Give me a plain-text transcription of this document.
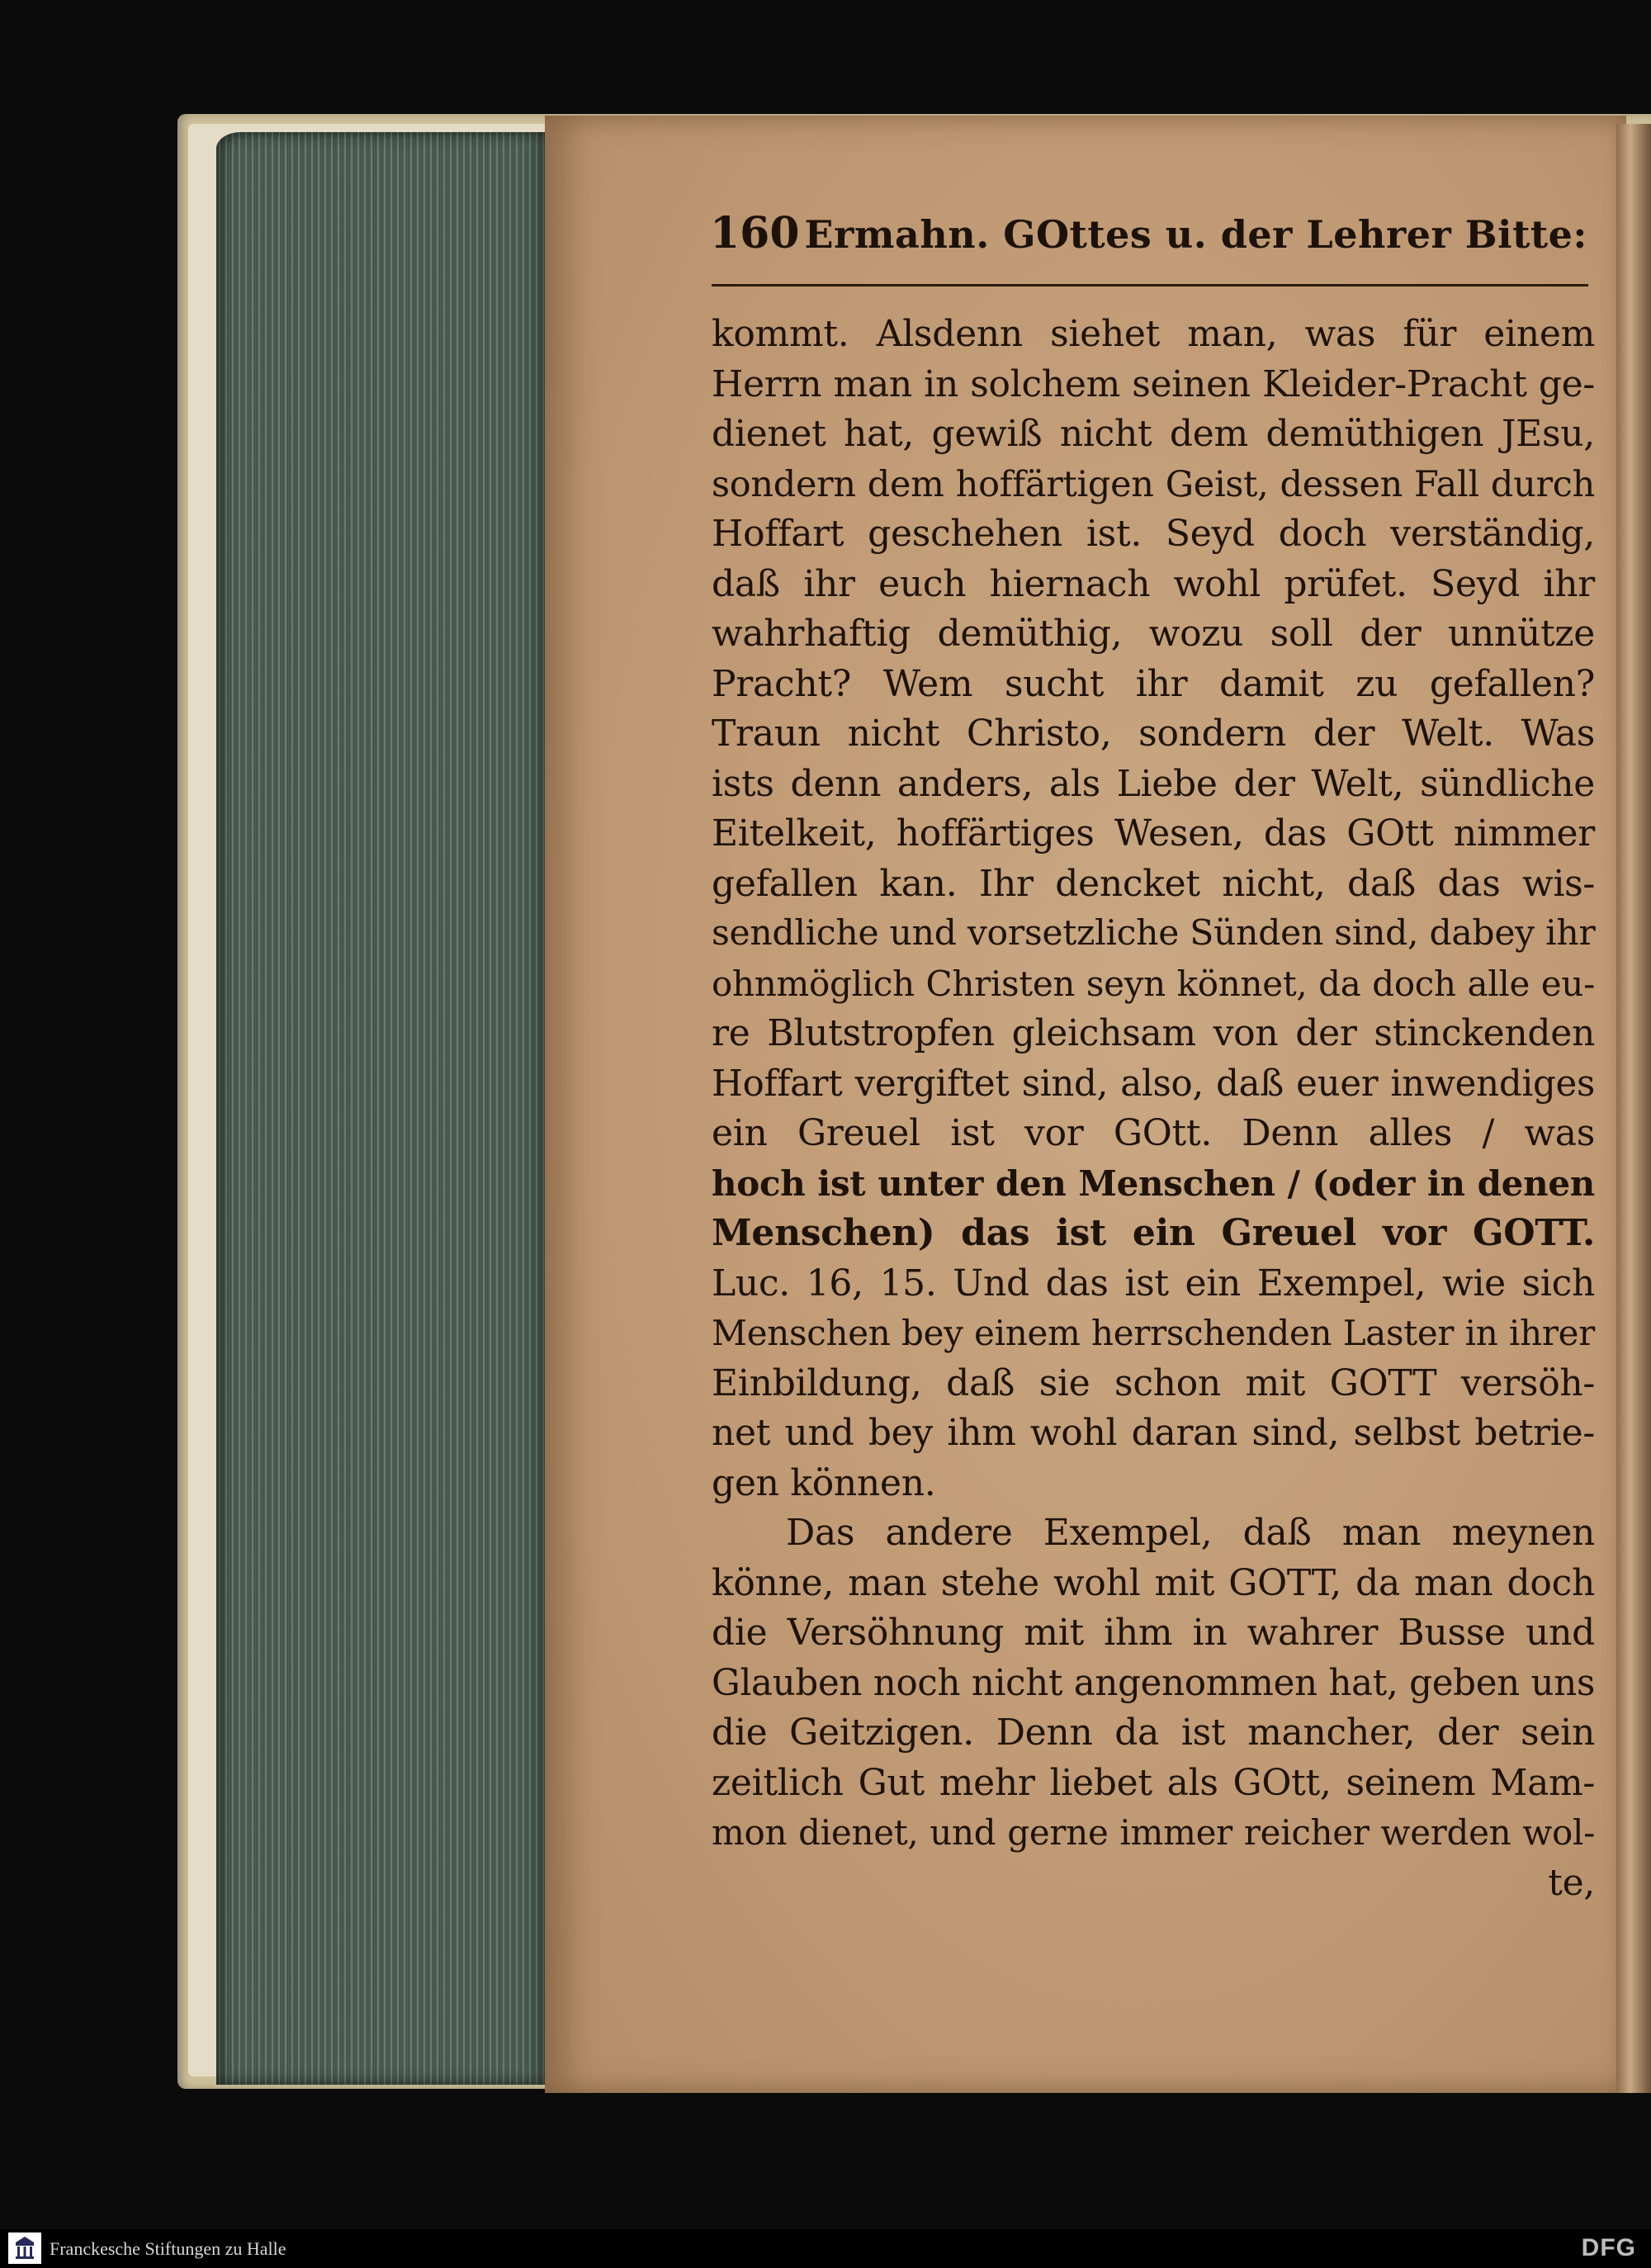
160 Ermahn. GOttes u. der Lehrer Bitte:
kommt. Alsdenn siehet man, was für einem
Herrn man in solchem seinen Kleider-Pracht ge-
dienet hat, gewiß nicht dem demüthigen JEsu,
sondern dem hoffärtigen Geist, dessen Fall durch
Hoffart geschehen ist. Seyd doch verständig,
daß ihr euch hiernach wohl prüfet. Seyd ihr
wahrhaftig demüthig, wozu soll der unnütze
Pracht? Wem sucht ihr damit zu gefallen?
Traun nicht Christo, sondern der Welt. Was
ists denn anders, als Liebe der Welt, sündliche
Eitelkeit, hoffärtiges Wesen, das GOtt nimmer
gefallen kan. Ihr dencket nicht, daß das wis-
sendliche und vorsetzliche Sünden sind, dabey ihr
ohnmöglich Christen seyn könnet, da doch alle eu-
re Blutstropfen gleichsam von der stinckenden
Hoffart vergiftet sind, also, daß euer inwendiges
ein Greuel ist vor GOtt. Denn alles / was
hoch ist unter den Menschen / (oder in denen
Menschen) das ist ein Greuel vor GOTT.
Luc. 16, 15. Und das ist ein Exempel, wie sich
Menschen bey einem herrschenden Laster in ihrer
Einbildung, daß sie schon mit GOTT versöh-
net und bey ihm wohl daran sind, selbst betrie-
gen können.
Das andere Exempel, daß man meynen
könne, man stehe wohl mit GOTT, da man doch
die Versöhnung mit ihm in wahrer Busse und
Glauben noch nicht angenommen hat, geben uns
die Geitzigen. Denn da ist mancher, der sein
zeitlich Gut mehr liebet als GOtt, seinem Mam-
mon dienet, und gerne immer reicher werden wol-
te,
Franckesche Stiftungen zu Halle	DFG
